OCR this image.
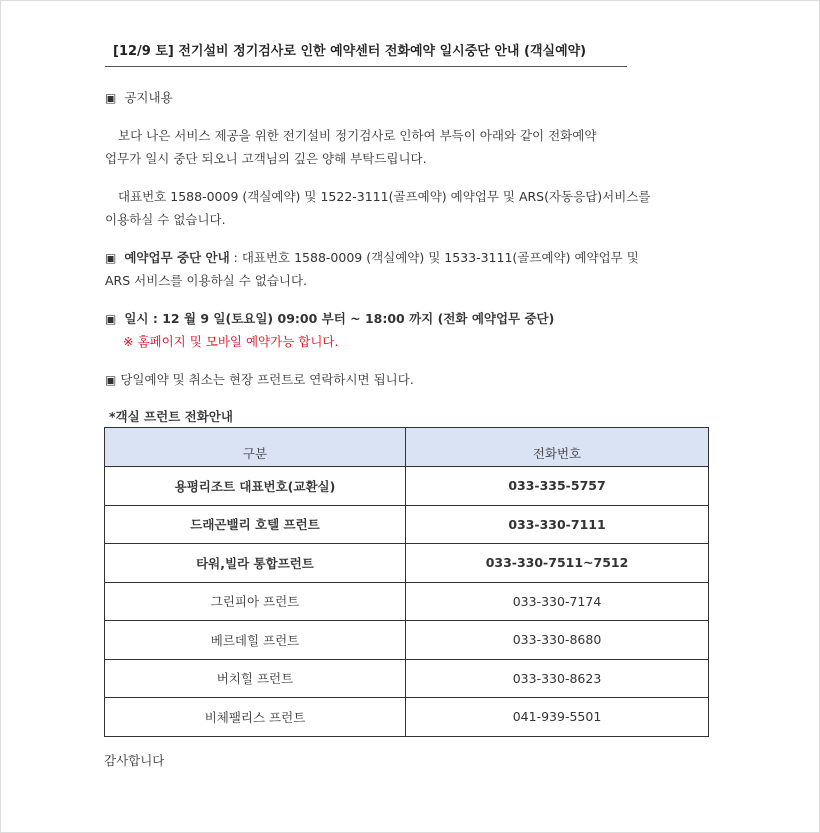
[12/9 토] 전기설비 정기검사로 인한 예약센터 전화예약 일시중단 안내 (객실예약)
▣ 공지내용
보다 나은 서비스 제공을 위한 전기설비 정기검사로 인하여 부득이 아래와 같이 전화예약
업무가 일시 중단 되오니 고객님의 깊은 양해 부탁드립니다.
대표번호 1588-0009 (객실예약) 및 1522-3111(골프예약) 예약업무 및 ARS(자동응답)서비스를
이용하실 수 없습니다.
▣ 예약업무 중단 안내 : 대표번호 1588-0009 (객실예약) 및 1533-3111(골프예약) 예약업무 및
ARS 서비스를 이용하실 수 없습니다.
▣ 일시 : 12 월 9 일(토요일) 09:00 부터 ~ 18:00 까지 (전화 예약업무 중단)
※ 홈페이지 및 모바일 예약가능 합니다.
▣ 당일예약 및 취소는 현장 프런트로 연락하시면 됩니다.
*객실 프런트 전화안내
구분	전화번호
용평리조트 대표번호(교환실)	033-335-5757
드래곤밸리 호텔 프런트	033-330-7111
타워,빌라 통합프런트	033-330-7511~7512
그린피아 프런트	033-330-7174
베르데힐 프런트	033-330-8680
버치힐 프런트	033-330-8623
비체팰리스 프런트	041-939-5501
감사합니다
